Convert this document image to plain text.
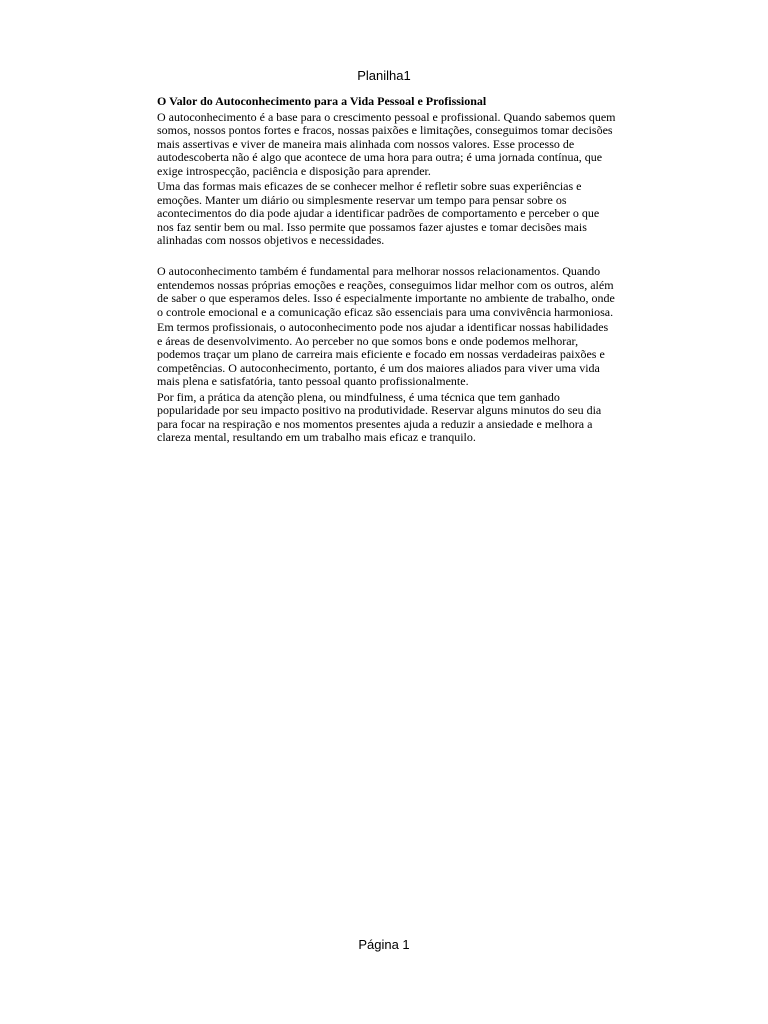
Planilha1
O Valor do Autoconhecimento para a Vida Pessoal e Profissional
O autoconhecimento é a base para o crescimento pessoal e profissional. Quando sabemos quem
somos, nossos pontos fortes e fracos, nossas paixões e limitações, conseguimos tomar decisões
mais assertivas e viver de maneira mais alinhada com nossos valores. Esse processo de
autodescoberta não é algo que acontece de uma hora para outra; é uma jornada contínua, que
exige introspecção, paciência e disposição para aprender.
Uma das formas mais eficazes de se conhecer melhor é refletir sobre suas experiências e
emoções. Manter um diário ou simplesmente reservar um tempo para pensar sobre os
acontecimentos do dia pode ajudar a identificar padrões de comportamento e perceber o que
nos faz sentir bem ou mal. Isso permite que possamos fazer ajustes e tomar decisões mais
alinhadas com nossos objetivos e necessidades.
O autoconhecimento também é fundamental para melhorar nossos relacionamentos. Quando
entendemos nossas próprias emoções e reações, conseguimos lidar melhor com os outros, além
de saber o que esperamos deles. Isso é especialmente importante no ambiente de trabalho, onde
o controle emocional e a comunicação eficaz são essenciais para uma convivência harmoniosa.
Em termos profissionais, o autoconhecimento pode nos ajudar a identificar nossas habilidades
e áreas de desenvolvimento. Ao perceber no que somos bons e onde podemos melhorar,
podemos traçar um plano de carreira mais eficiente e focado em nossas verdadeiras paixões e
competências. O autoconhecimento, portanto, é um dos maiores aliados para viver uma vida
mais plena e satisfatória, tanto pessoal quanto profissionalmente.
Por fim, a prática da atenção plena, ou mindfulness, é uma técnica que tem ganhado
popularidade por seu impacto positivo na produtividade. Reservar alguns minutos do seu dia
para focar na respiração e nos momentos presentes ajuda a reduzir a ansiedade e melhora a
clareza mental, resultando em um trabalho mais eficaz e tranquilo.
Página 1
